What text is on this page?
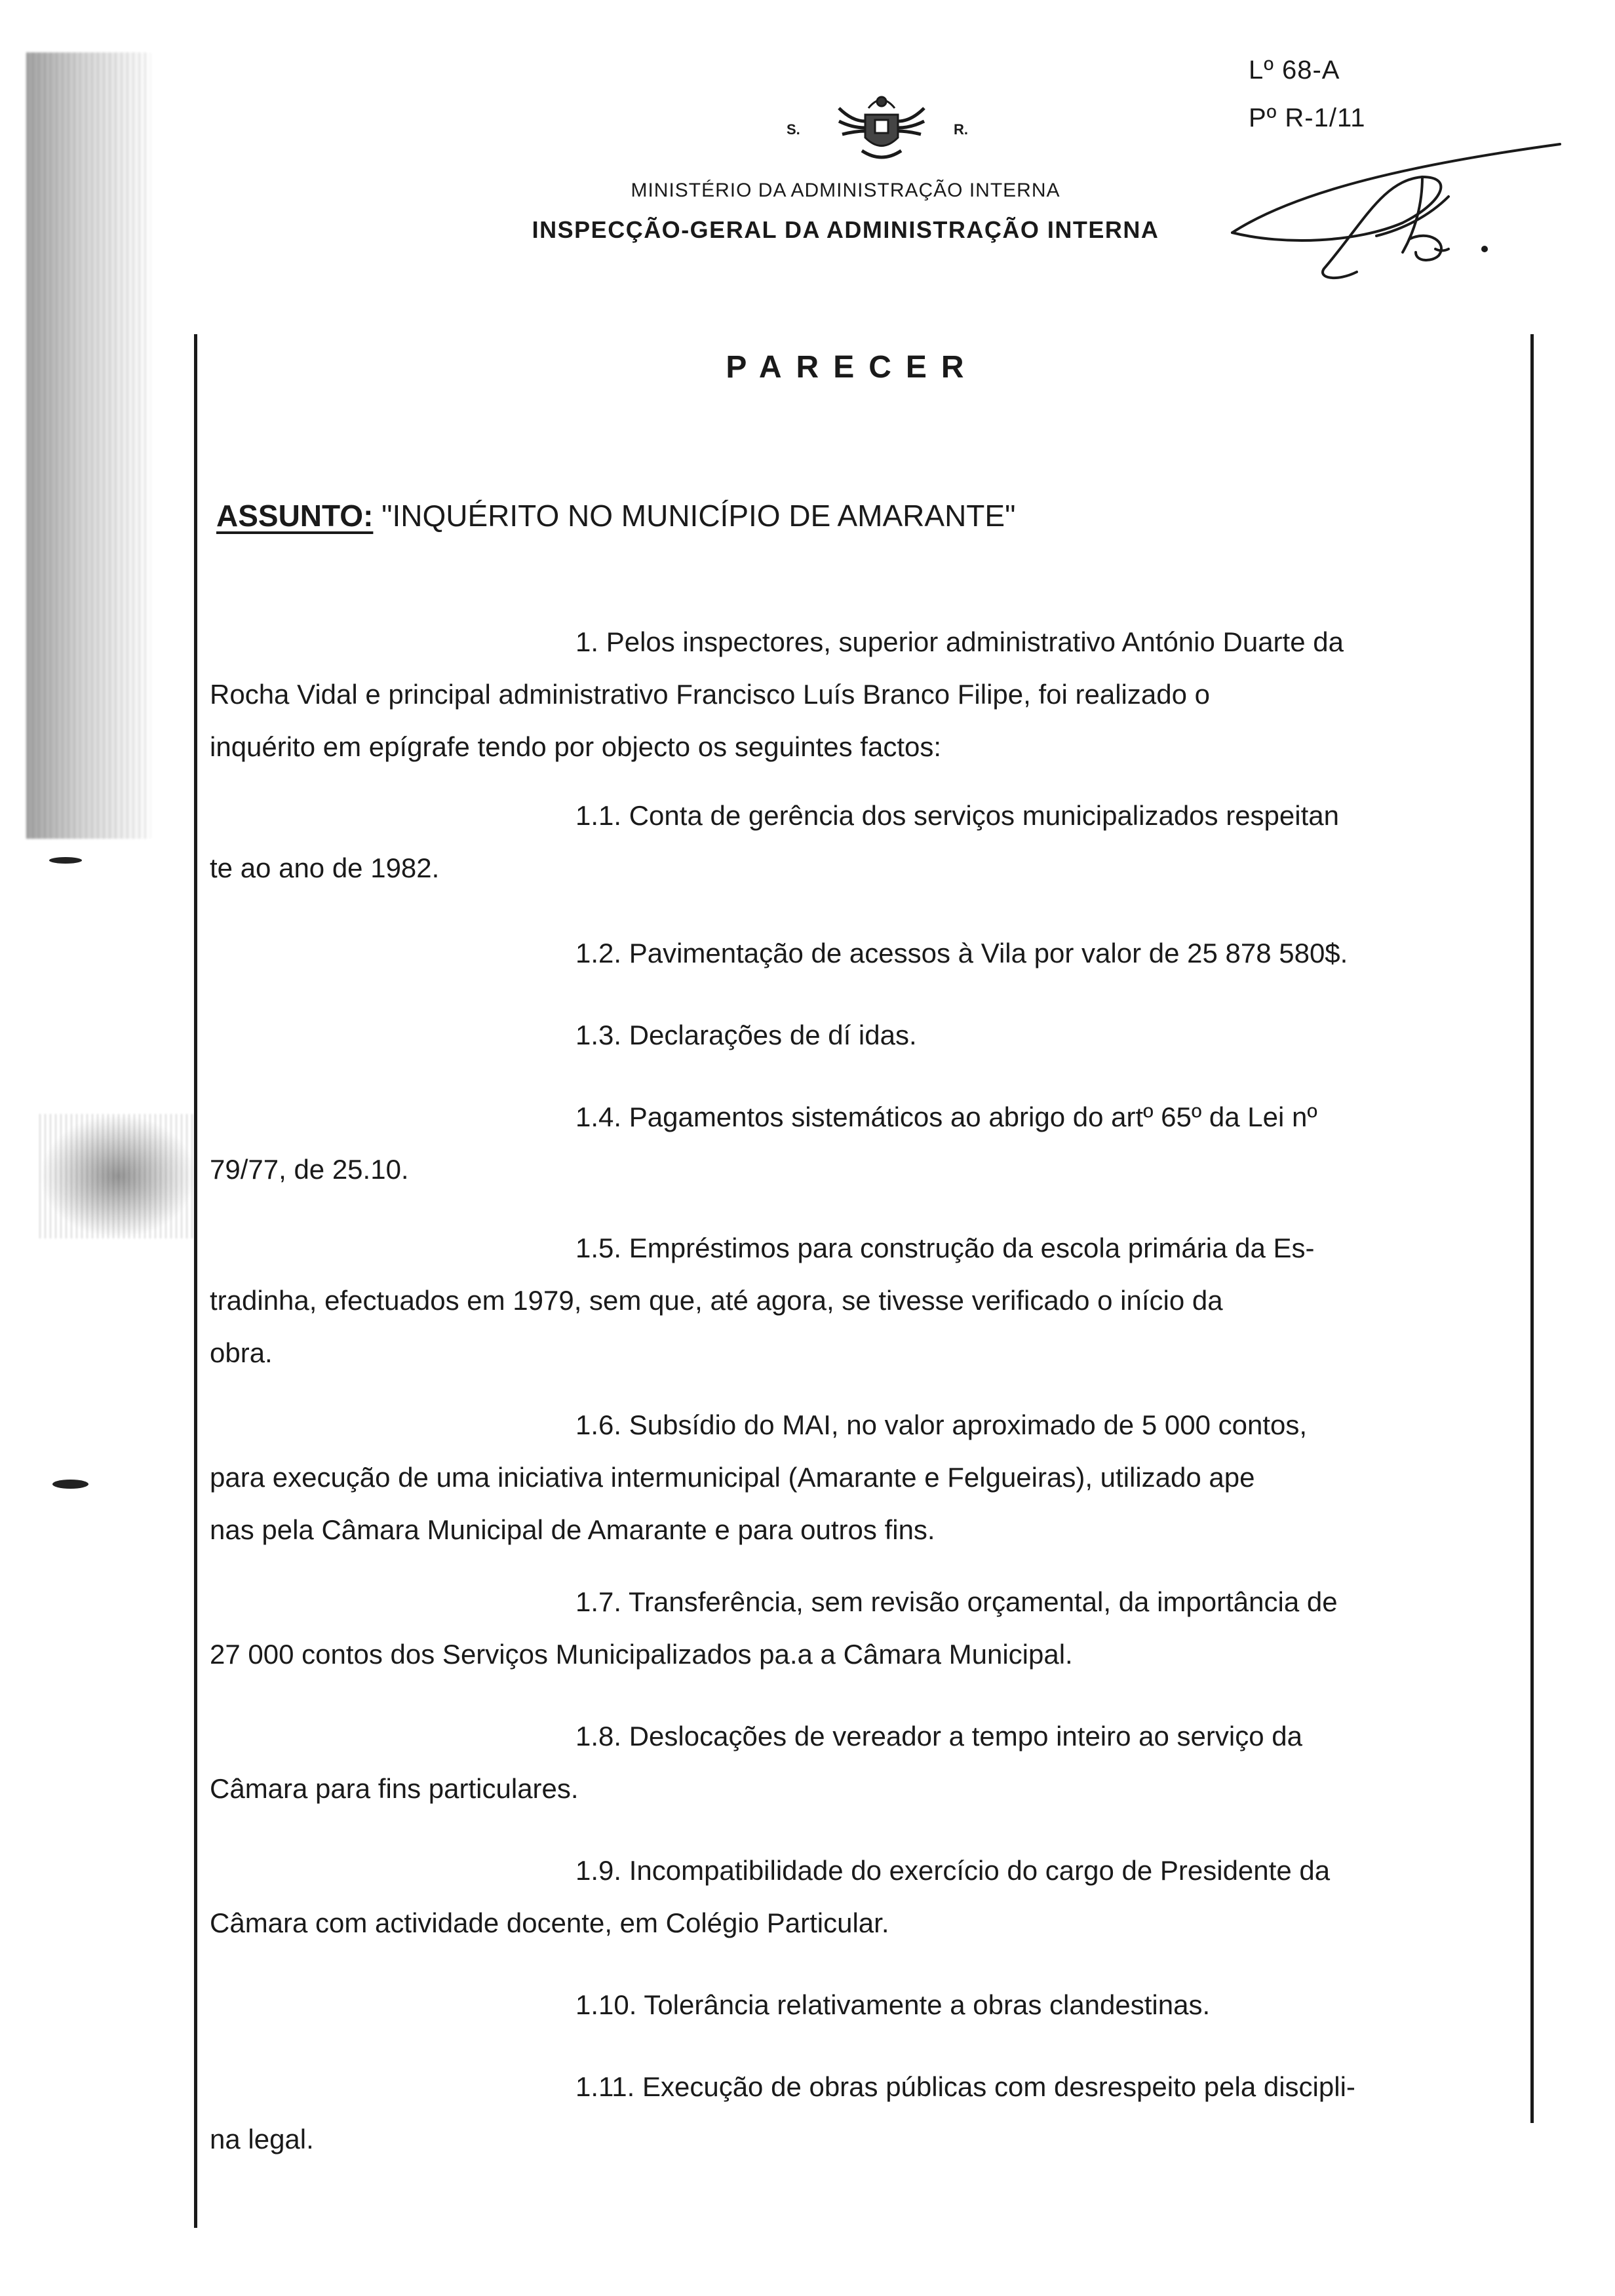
S.	R.
MINISTÉRIO DA ADMINISTRAÇÃO INTERNA
INSPECÇÃO-GERAL DA ADMINISTRAÇÃO INTERNA
Lº 68-A
Pº R-1/11
PARECER
ASSUNTO: "INQUÉRITO NO MUNICÍPIO DE AMARANTE"
1. Pelos inspectores, superior administrativo António Duarte da
Rocha Vidal e principal administrativo Francisco Luís Branco Filipe, foi realizado o
inquérito em epígrafe tendo por objecto os seguintes factos:
1.1. Conta de gerência dos serviços municipalizados respeitan
te ao ano de 1982.
1.2. Pavimentação de acessos à Vila por valor de 25 878 580$.
1.3. Declarações de dí idas.
1.4. Pagamentos sistemáticos ao abrigo do artº 65º da Lei nº
79/77, de 25.10.
1.5. Empréstimos para construção da escola primária da Es-
tradinha, efectuados em 1979, sem que, até agora, se tivesse verificado o início da
obra.
1.6. Subsídio do MAI, no valor aproximado de 5 000 contos,
para execução de uma iniciativa intermunicipal (Amarante e Felgueiras), utilizado ape
nas pela Câmara Municipal de Amarante e para outros fins.
1.7. Transferência, sem revisão orçamental, da importância de
27 000 contos dos Serviços Municipalizados pa.a a Câmara Municipal.
1.8. Deslocações de vereador a tempo inteiro ao serviço da
Câmara para fins particulares.
1.9. Incompatibilidade do exercício do cargo de Presidente da
Câmara com actividade docente, em Colégio Particular.
1.10. Tolerância relativamente a obras clandestinas.
1.11. Execução de obras públicas com desrespeito pela discipli-
na legal.
